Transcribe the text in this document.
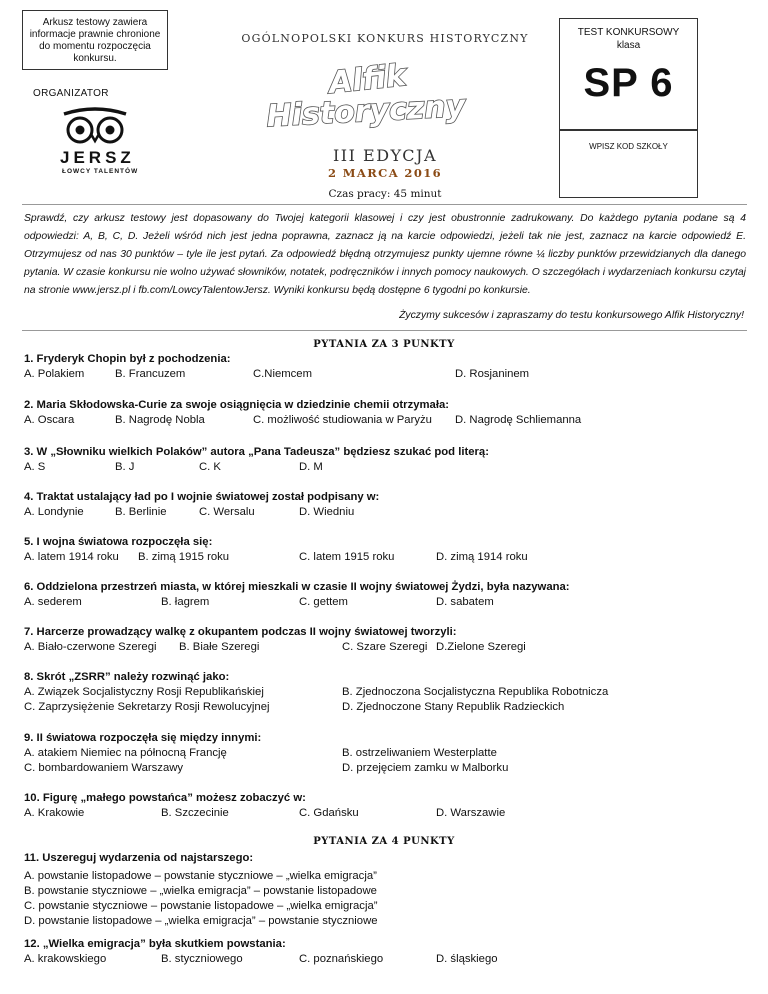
Arkusz testowy zawiera informacje prawnie chronione do momentu rozpoczęcia konkursu.
TEST KONKURSOWY
klasa
SP 6
WPISZ KOD SZKOŁY
ORGANIZATOR
JERSZ
ŁOWCY TALENTÓW
OGÓLNOPOLSKI KONKURS HISTORYCZNY
Alfik
Historyczny
III EDYCJA
2 MARCA 2016
Czas pracy: 45 minut
Sprawdź, czy arkusz testowy jest dopasowany do Twojej kategorii klasowej i czy jest obustronnie zadrukowany. Do każdego pytania podane są 4 odpowiedzi: A, B, C, D. Jeżeli wśród nich jest jedna poprawna, zaznacz ją na karcie odpowiedzi, jeżeli tak nie jest, zaznacz na karcie odpowiedź E. Otrzymujesz od nas 30 punktów – tyle ile jest pytań. Za odpowiedź błędną otrzymujesz punkty ujemne równe ¼ liczby punktów przewidzianych dla danego pytania. W czasie konkursu nie wolno używać słowników, notatek, podręczników i innych pomocy naukowych. O szczegółach i wydarzeniach konkursu czytaj na stronie www.jersz.pl i fb.com/LowcyTalentowJersz. Wyniki konkursu będą dostępne 6 tygodni po konkursie.
Życzymy sukcesów i zapraszamy do testu konkursowego Alfik Historyczny!
PYTANIA ZA 3 PUNKTY
1. Fryderyk Chopin był z pochodzenia:
A. Polakiem	B. Francuzem	C.Niemcem	D. Rosjaninem
2. Maria Skłodowska-Curie za swoje osiągnięcia w dziedzinie chemii otrzymała:
A. Oscara	B. Nagrodę Nobla	C. możliwość studiowania w Paryżu D. Nagrodę Schliemanna
3. W „Słowniku wielkich Polaków” autora „Pana Tadeusza” będziesz szukać pod literą:
A. S	B. J	C. K	D. M
4. Traktat ustalający ład po I wojnie światowej został podpisany w:
A. Londynie	B. Berlinie	C. Wersalu	D. Wiedniu
5. I wojna światowa rozpoczęła się:
A. latem 1914 roku B. zimą 1915 roku	C. latem 1915 roku	D. zimą 1914 roku
6. Oddzielona przestrzeń miasta, w której mieszkali w czasie II wojny światowej Żydzi, była nazywana:
A. sederem	B. łagrem	C. gettem	D. sabatem
7. Harcerze prowadzący walkę z okupantem podczas II wojny światowej tworzyli:
A. Biało-czerwone Szeregi B. Białe Szeregi	C. Szare Szeregi D.Zielone Szeregi
8. Skrót „ZSRR” należy rozwinąć jako:
A. Związek Socjalistyczny Rosji Republikańskiej	B. Zjednoczona Socjalistyczna Republika Robotnicza
C. Zaprzysiężenie Sekretarzy Rosji Rewolucyjnej	D. Zjednoczone Stany Republik Radzieckich
9. II światowa rozpoczęła się między innymi:
A. atakiem Niemiec na północną Francję	B. ostrzeliwaniem Westerplatte
C. bombardowaniem Warszawy	D. przejęciem zamku w Malborku
10. Figurę „małego powstańca” możesz zobaczyć w:
A. Krakowie	B. Szczecinie	C. Gdańsku	D. Warszawie
PYTANIA ZA 4 PUNKTY
11. Uszereguj wydarzenia od najstarszego:
A. powstanie listopadowe – powstanie styczniowe – „wielka emigracja”
B. powstanie styczniowe – „wielka emigracja” – powstanie listopadowe
C. powstanie styczniowe – powstanie listopadowe – „wielka emigracja”
D. powstanie listopadowe – „wielka emigracja” – powstanie styczniowe
12. „Wielka emigracja” była skutkiem powstania:
A. krakowskiego	B. styczniowego	C. poznańskiego	D. śląskiego
